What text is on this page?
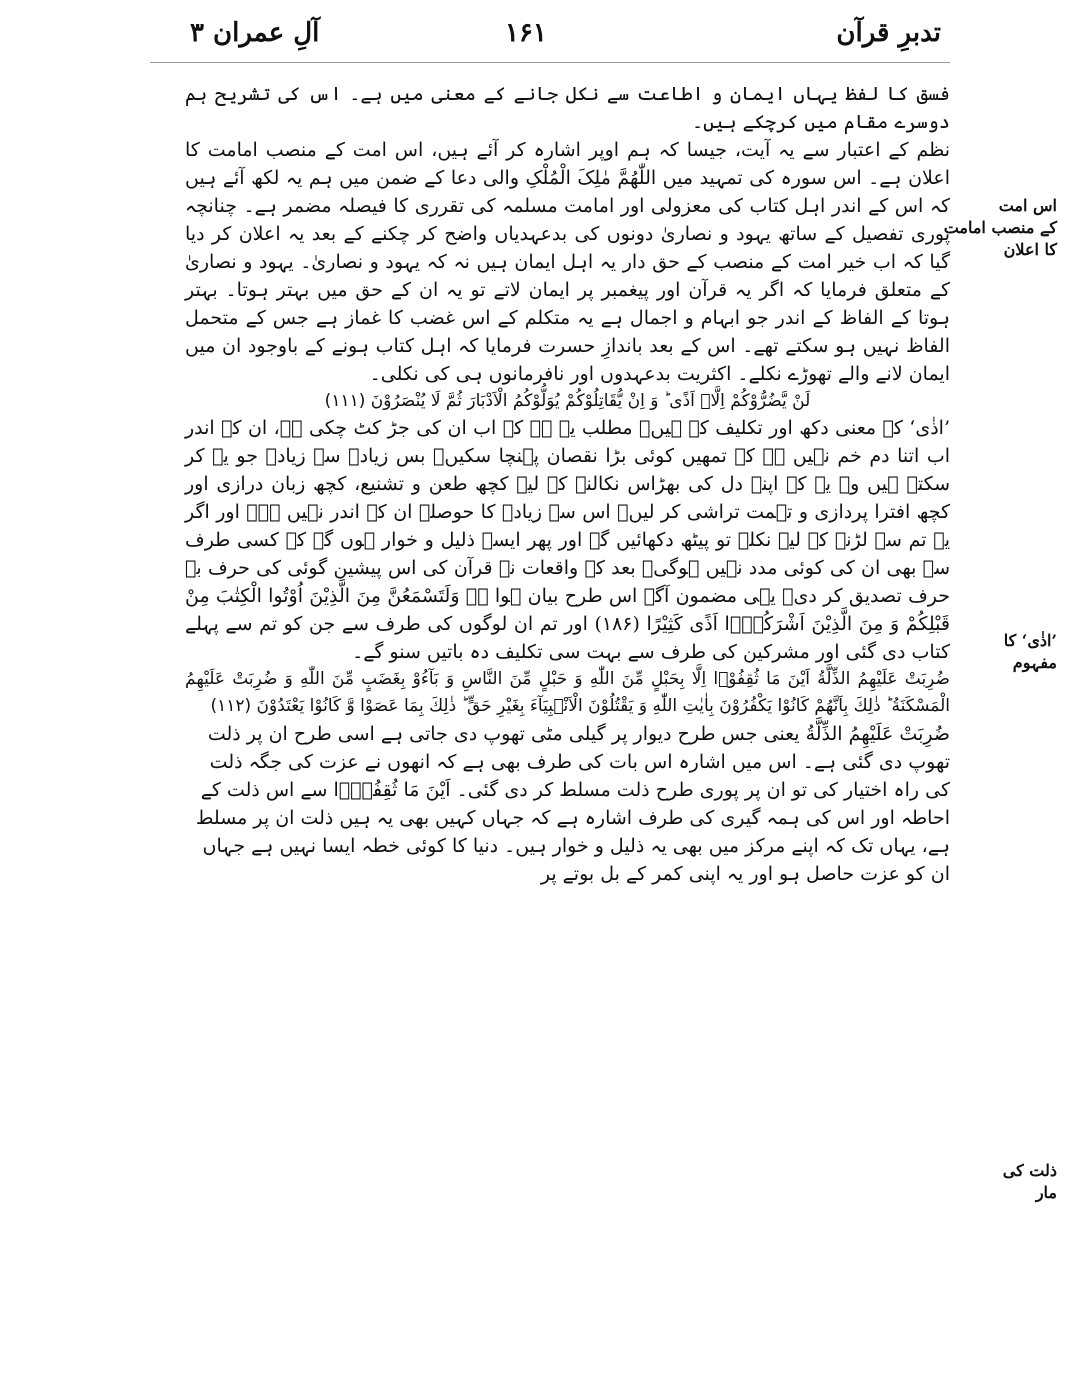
تدبرِ قرآن
۱۶۱
آلِ عمران ۳

فسق کا لفظ یہاں ایمان و اطاعت سے نکل جانے کے معنی میں ہے۔ اس کی تشریح ہم دوسرے مقام میں کرچکے ہیں۔

نظم کے اعتبار سے یہ آیت، جیسا کہ ہم اوپر اشارہ کر آئے ہیں، اس امت کے منصب امامت کا اعلان ہے۔ اس سورہ کی تمہید میں اللّٰھُمَّ مٰلِکَ الْمُلْکِ والی دعا کے ضمن میں ہم یہ لکھ آئے ہیں کہ اس کے اندر اہل کتاب کی معزولی اور امامت مسلمہ کی تقرری کا فیصلہ مضمر ہے۔ چنانچہ پوری تفصیل کے ساتھ یہود و نصاریٰ دونوں کی بدعہدیاں واضح کر چکنے کے بعد یہ اعلان کر دیا گیا کہ اب خیر امت کے منصب کے حق دار یہ اہل ایمان ہیں نہ کہ یہود و نصاریٰ۔ یہود و نصاریٰ کے متعلق فرمایا کہ اگر یہ قرآن اور پیغمبر پر ایمان لاتے تو یہ ان کے حق میں بہتر ہوتا۔ بہتر ہوتا کے الفاظ کے اندر جو ابہام و اجمال ہے یہ متکلم کے اس غضب کا غماز ہے جس کے متحمل الفاظ نہیں ہو سکتے تھے۔ اس کے بعد باندازِ حسرت فرمایا کہ اہل کتاب ہونے کے باوجود ان میں ایمان لانے والے تھوڑے نکلے۔ اکثریت بدعہدوں اور نافرمانوں ہی کی نکلی۔

لَنْ یَّضُرُّوْكُمْ اِلَّاۤ اَذًى ؕ وَ اِنْ یُّقَاتِلُوْكُمْ یُوَلُّوْكُمُ الْاَدْبَارَ ثُمَّ لَا یُنْصَرُوْنَ (۱۱۱)

’اذٰی‘ کے معنی دکھ اور تکلیف کے ہیں۔ مطلب یہ ہے کہ اب ان کی جڑ کٹ چکی ہے، ان کے اندر اب اتنا دم خم نہیں ہے کہ تمھیں کوئی بڑا نقصان پہنچا سکیں۔ بس زیادہ سے زیادہ جو یہ کر سکتے ہیں وہ یہ کہ اپنے دل کی بھڑاس نکالنے کے لیے کچھ طعن و تشنیع، کچھ زبان درازی اور کچھ افترا پردازی و تہمت تراشی کر لیں۔ اس سے زیادہ کا حوصلہ ان کے اندر نہیں ہے۔ اور اگر یہ تم سے لڑنے کے لیے نکلے تو پیٹھ دکھائیں گے اور پھر ایسے ذلیل و خوار ہوں گے کہ کسی طرف سے بھی ان کی کوئی مدد نہیں ہوگی۔ بعد کے واقعات نے قرآن کی اس پیشین گوئی کی حرف بہ حرف تصدیق کر دی۔ یہی مضمون آگے اس طرح بیان ہوا ہے وَلَتَسْمَعُنَّ مِنَ الَّذِیْنَ اُوْتُوا الْكِتٰبَ مِنْ قَبْلِكُمْ وَ مِنَ الَّذِیْنَ اَشْرَكُوْۤا اَذًى كَثِیْرًا (۱۸۶) اور تم ان لوگوں کی طرف سے جن کو تم سے پہلے کتاب دی گئی اور مشرکین کی طرف سے بہت سی تکلیف دہ باتیں سنو گے۔

ضُرِبَتْ عَلَیْهِمُ الذِّلَّةُ اَیْنَ مَا ثُقِفُوْۤا اِلَّا بِحَبْلٍ مِّنَ اللّٰهِ وَ حَبْلٍ مِّنَ النَّاسِ وَ بَآءُوْ بِغَضَبٍ مِّنَ اللّٰهِ وَ ضُرِبَتْ عَلَیْهِمُ الْمَسْكَنَةُ ؕ ذٰلِكَ بِاَنَّهُمْ كَانُوْا یَكْفُرُوْنَ بِاٰیٰتِ اللّٰهِ وَ یَقْتُلُوْنَ الْاَنْۢبِیَآءَ بِغَیْرِ حَقٍّ ؕ ذٰلِكَ بِمَا عَصَوْا وَّ كَانُوْا یَعْتَدُوْنَ (۱۱۲)

ضُرِبَتْ عَلَیْهِمُ الذِّلَّةُ یعنی جس طرح دیوار پر گیلی مٹی تھوپ دی جاتی ہے اسی طرح ان پر ذلت تھوپ دی گئی ہے۔ اس میں اشارہ اس بات کی طرف بھی ہے کہ انھوں نے عزت کی جگہ ذلت کی راہ اختیار کی تو ان پر پوری طرح ذلت مسلط کر دی گئی۔ اَیْنَ مَا ثُقِفُوْۤا سے اس ذلت کے احاطہ اور اس کی ہمہ گیری کی طرف اشارہ ہے کہ جہاں کہیں بھی یہ ہیں ذلت ان پر مسلط ہے، یہاں تک کہ اپنے مرکز میں بھی یہ ذلیل و خوار ہیں۔ دنیا کا کوئی خطہ ایسا نہیں ہے جہاں ان کو عزت حاصل ہو اور یہ اپنی کمر کے بل بوتے پر

اس امت
کے منصب امامت
کا اعلان
’اذٰی‘ کا
مفہوم
ذلت کی
مار
